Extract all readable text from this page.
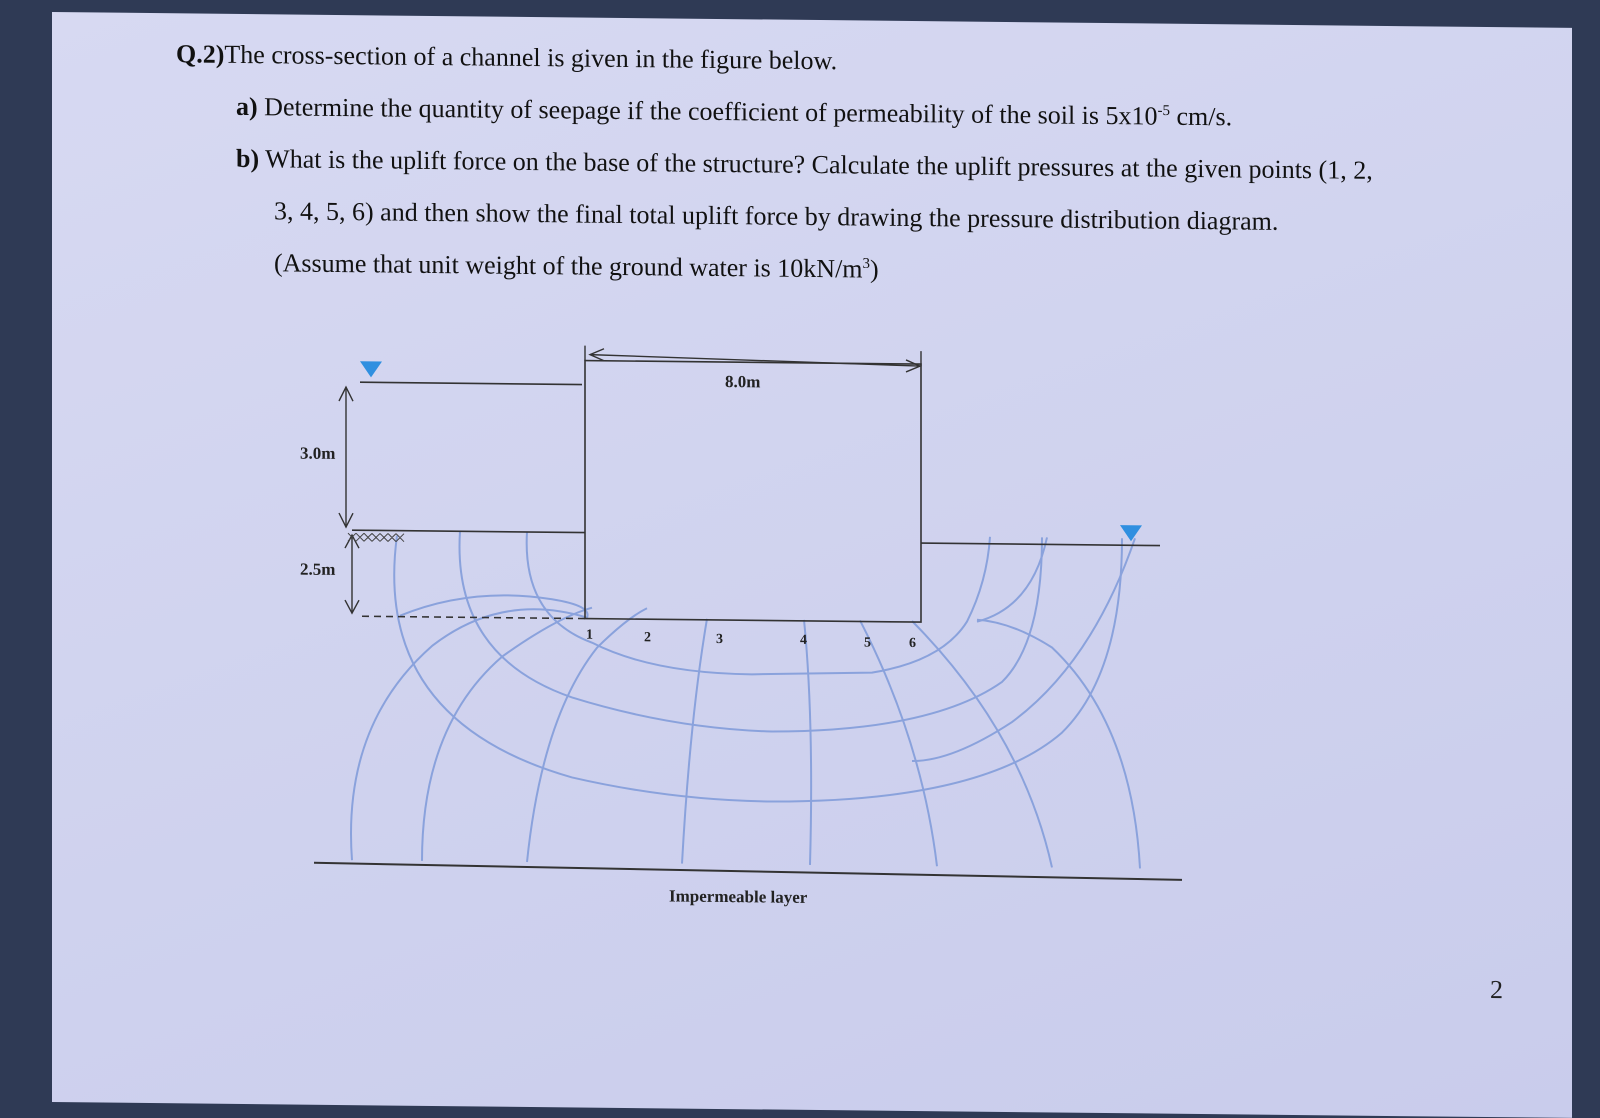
Q.2)The cross-section of a channel is given in the figure below.
a) Determine the quantity of seepage if the coefficient of permeability of the soil is $5x10^{-5}$ cm/s.
b) What is the uplift force on the base of the structure? Calculate the uplift pressures at the given points (1, 2,
3, 4, 5, 6) and then show the final total uplift force by drawing the pressure distribution diagram.
(Assume that unit weight of the ground water is $10kN/m^3$)
8.0m
3.0m
2.5m
Impermeable layer
1	2	3	4	5	6
2
